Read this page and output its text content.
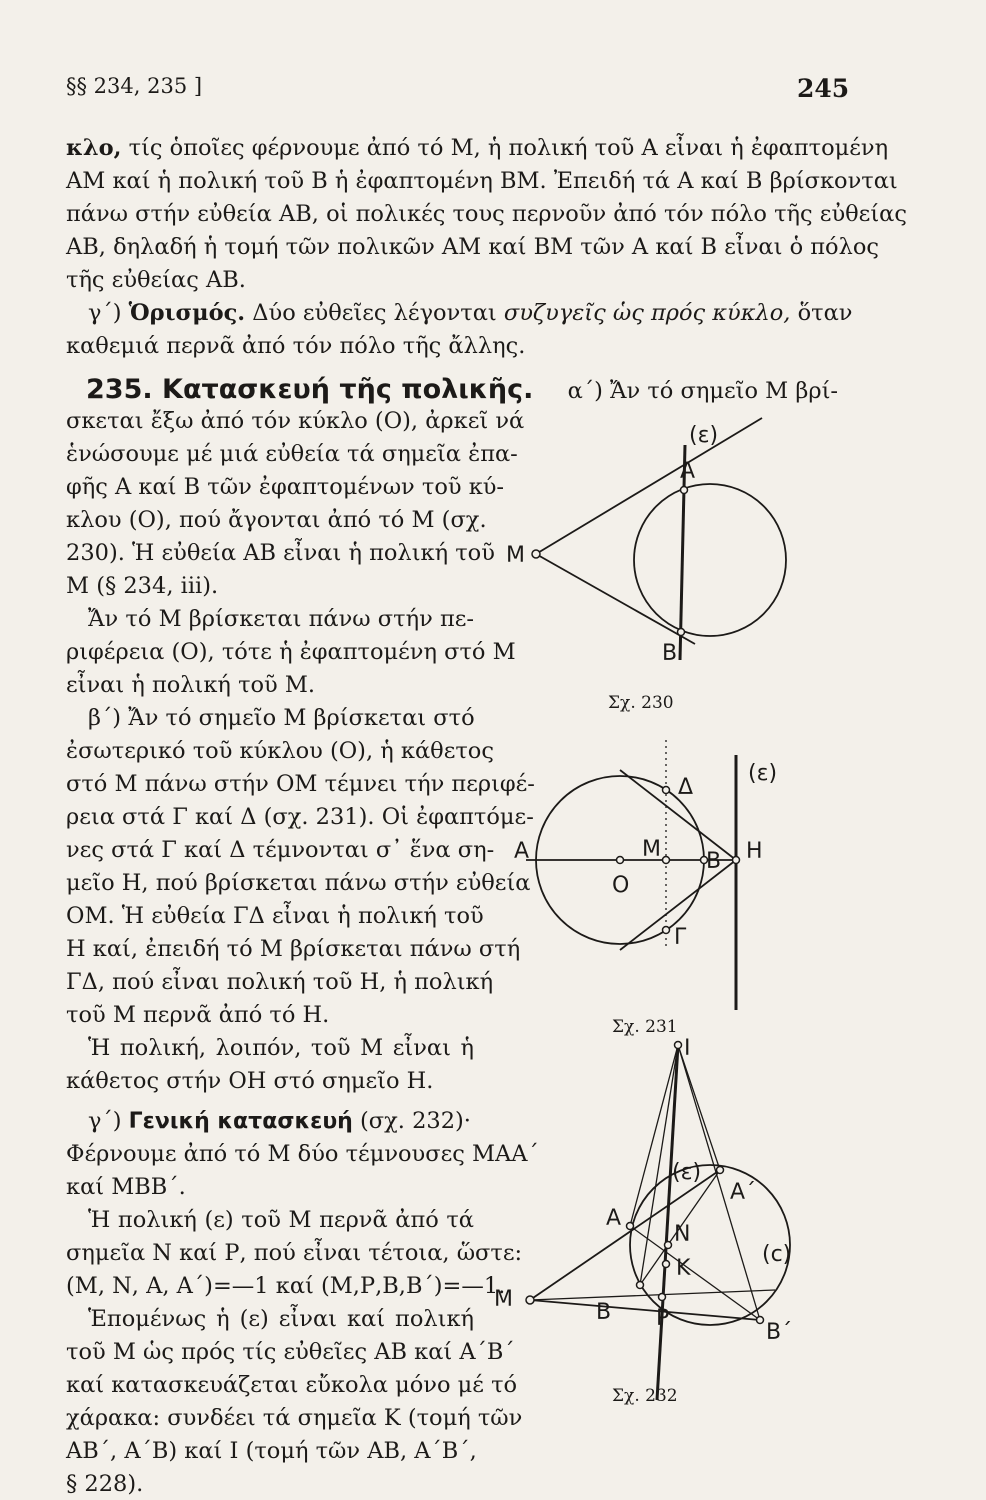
§§ 234, 235 ]	245
κλο, τίς ὁποῖες φέρνουμε ἀπό τό Μ, ἡ πολική τοῦ Α εἶναι ἡ ἐφαπτομένη
ΑΜ καί ἡ πολική τοῦ Β ἡ ἐφαπτομένη ΒΜ. Ἐπειδή τά Α καί Β βρίσκονται
πάνω στήν εὐθεία ΑΒ, οἱ πολικές τους περνοῦν ἀπό τόν πόλο τῆς εὐθείας
ΑΒ, δηλαδή ἡ τομή τῶν πολικῶν ΑΜ καί ΒΜ τῶν Α καί Β εἶναι ὁ πόλος
τῆς εὐθείας ΑΒ.
γ΄) Ὁρισμός. Δύο εὐθεῖες λέγονται συζυγεῖς ὡς πρός κύκλο, ὅταν
καθεμιά περνᾶ ἀπό τόν πόλο τῆς ἄλλης.
235. Κατασκευή τῆς πολικῆς. α΄) Ἄν τό σημεῖο Μ βρί-
σκεται ἔξω ἀπό τόν κύκλο (Ο), ἀρκεῖ νά
ἑνώσουμε μέ μιά εὐθεία τά σημεῖα ἐπα-
φῆς Α καί Β τῶν ἐφαπτομένων τοῦ κύ-
κλου (Ο), πού ἄγονται ἀπό τό Μ (σχ.
230). Ἡ εὐθεία ΑΒ εἶναι ἡ πολική τοῦ
Μ (§ 234, iii).
Ἄν τό Μ βρίσκεται πάνω στήν πε-
ριφέρεια (Ο), τότε ἡ ἐφαπτομένη στό Μ
εἶναι ἡ πολική τοῦ Μ.
β΄) Ἄν τό σημεῖο Μ βρίσκεται στό
ἐσωτερικό τοῦ κύκλου (Ο), ἡ κάθετος
στό Μ πάνω στήν ΟΜ τέμνει τήν περιφέ-
ρεια στά Γ καί Δ (σχ. 231). Οἱ ἐφαπτόμε-
νες στά Γ καί Δ τέμνονται σ᾿ ἕνα ση-
μεῖο Η, πού βρίσκεται πάνω στήν εὐθεία
ΟΜ. Ἡ εὐθεία ΓΔ εἶναι ἡ πολική τοῦ
Η καί, ἐπειδή τό Μ βρίσκεται πάνω στή
ΓΔ, πού εἶναι πολική τοῦ Η, ἡ πολική
τοῦ Μ περνᾶ ἀπό τό Η.
Ἡ πολική, λοιπόν, τοῦ Μ εἶναι ἡ
κάθετος στήν ΟΗ στό σημεῖο Η.
γ΄) Γενική κατασκευή (σχ. 232)·
Φέρνουμε ἀπό τό Μ δύο τέμνουσες ΜΑΑ΄
καί ΜΒΒ΄.
Ἡ πολική (ε) τοῦ Μ περνᾶ ἀπό τά
σημεῖα Ν καί Ρ, πού εἶναι τέτοια, ὥστε:
(Μ, Ν, Α, Α΄)=—1 καί (Μ,Ρ,Β,Β΄)=—1.
Ἑπομένως ἡ (ε) εἶναι καί πολική
τοῦ Μ ὡς πρός τίς εὐθεῖες ΑΒ καί Α΄Β΄
καί κατασκευάζεται εὔκολα μόνο μέ τό
χάρακα: συνδέει τά σημεῖα Κ (τομή τῶν
ΑΒ΄, Α΄Β) καί Ι (τομή τῶν ΑΒ, Α΄Β΄,
§ 228).
(ε)
Α
Μ
Β
Σχ. 230
(ε)
Δ
Α	Μ Β Η
Ο
Γ
Σχ. 231
Ι
(ε)
Α΄
Α
Ν
Κ
(c)
Μ
Β Ρ
Β΄
Σχ. 232
